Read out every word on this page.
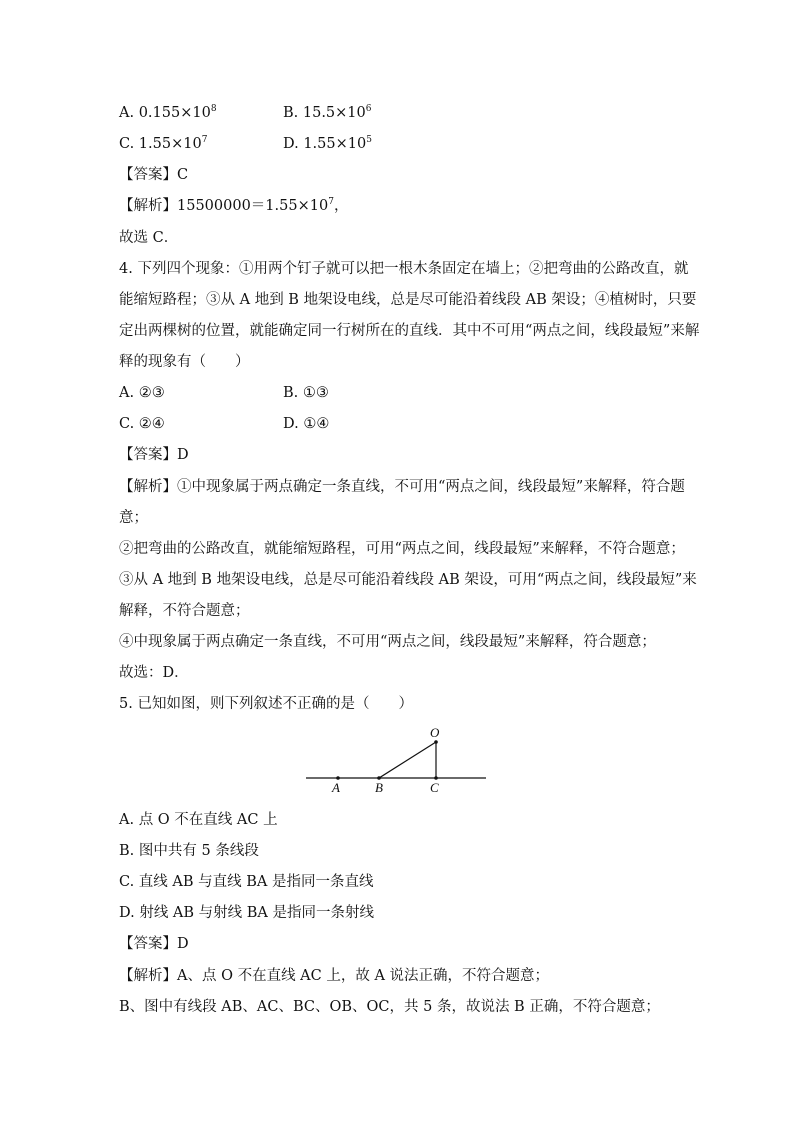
A. $0.155\times 10^8$	B. $15.5\times 10^6$
C. $1.55\times 10^7$	D. $1.55\times 10^5$
【答案】C
【解析】$15500000=1.55\times 10^7$，
故选 C．
4. 下列四个现象：①用两个钉子就可以把一根木条固定在墙上；②把弯曲的公路改直，就
能缩短路程；③从 A 地到 B 地架设电线，总是尽可能沿着线段 AB 架设；④植树时，只要
定出两棵树的位置，就能确定同一行树所在的直线．其中不可用“两点之间，线段最短”来解
释的现象有（　　）
A. ②③	B. ①③
C. ②④	D. ①④
【答案】D
【解析】①中现象属于两点确定一条直线，不可用“两点之间，线段最短”来解释，符合题
意；
②把弯曲的公路改直，就能缩短路程，可用“两点之间，线段最短”来解释，不符合题意；
③从 A 地到 B 地架设电线，总是尽可能沿着线段 AB 架设，可用“两点之间，线段最短”来
解释，不符合题意；
④中现象属于两点确定一条直线，不可用“两点之间，线段最短”来解释，符合题意；
故选：D．
5. 已知如图，则下列叙述不正确的是（　　）
O
A	B	C
A. 点 O 不在直线 AC 上
B. 图中共有 5 条线段
C. 直线 AB 与直线 BA 是指同一条直线
D. 射线 AB 与射线 BA 是指同一条射线
【答案】D
【解析】A、点 O 不在直线 AC 上，故 A 说法正确，不符合题意；
B、图中有线段 AB、AC、BC、OB、OC，共 5 条，故说法 B 正确，不符合题意；
